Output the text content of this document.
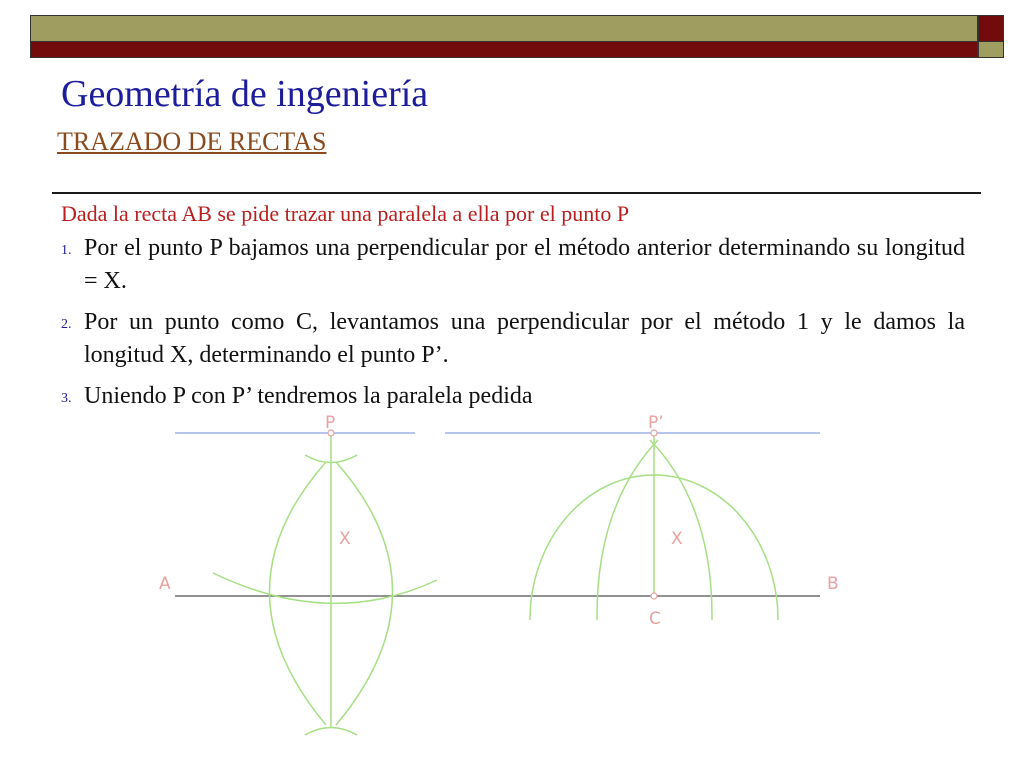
Geometría de ingeniería
TRAZADO DE RECTAS
Dada la recta AB se pide trazar una paralela a ella por el punto P
1. Por el punto P bajamos una perpendicular por el método anterior determinando su longitud = X.
2. Por un punto como C, levantamos una perpendicular por el método 1 y le damos la longitud X, determinando el punto P’.
3. Uniendo P con P’ tendremos la paralela pedida
P	P’
X	X
A	B
C
